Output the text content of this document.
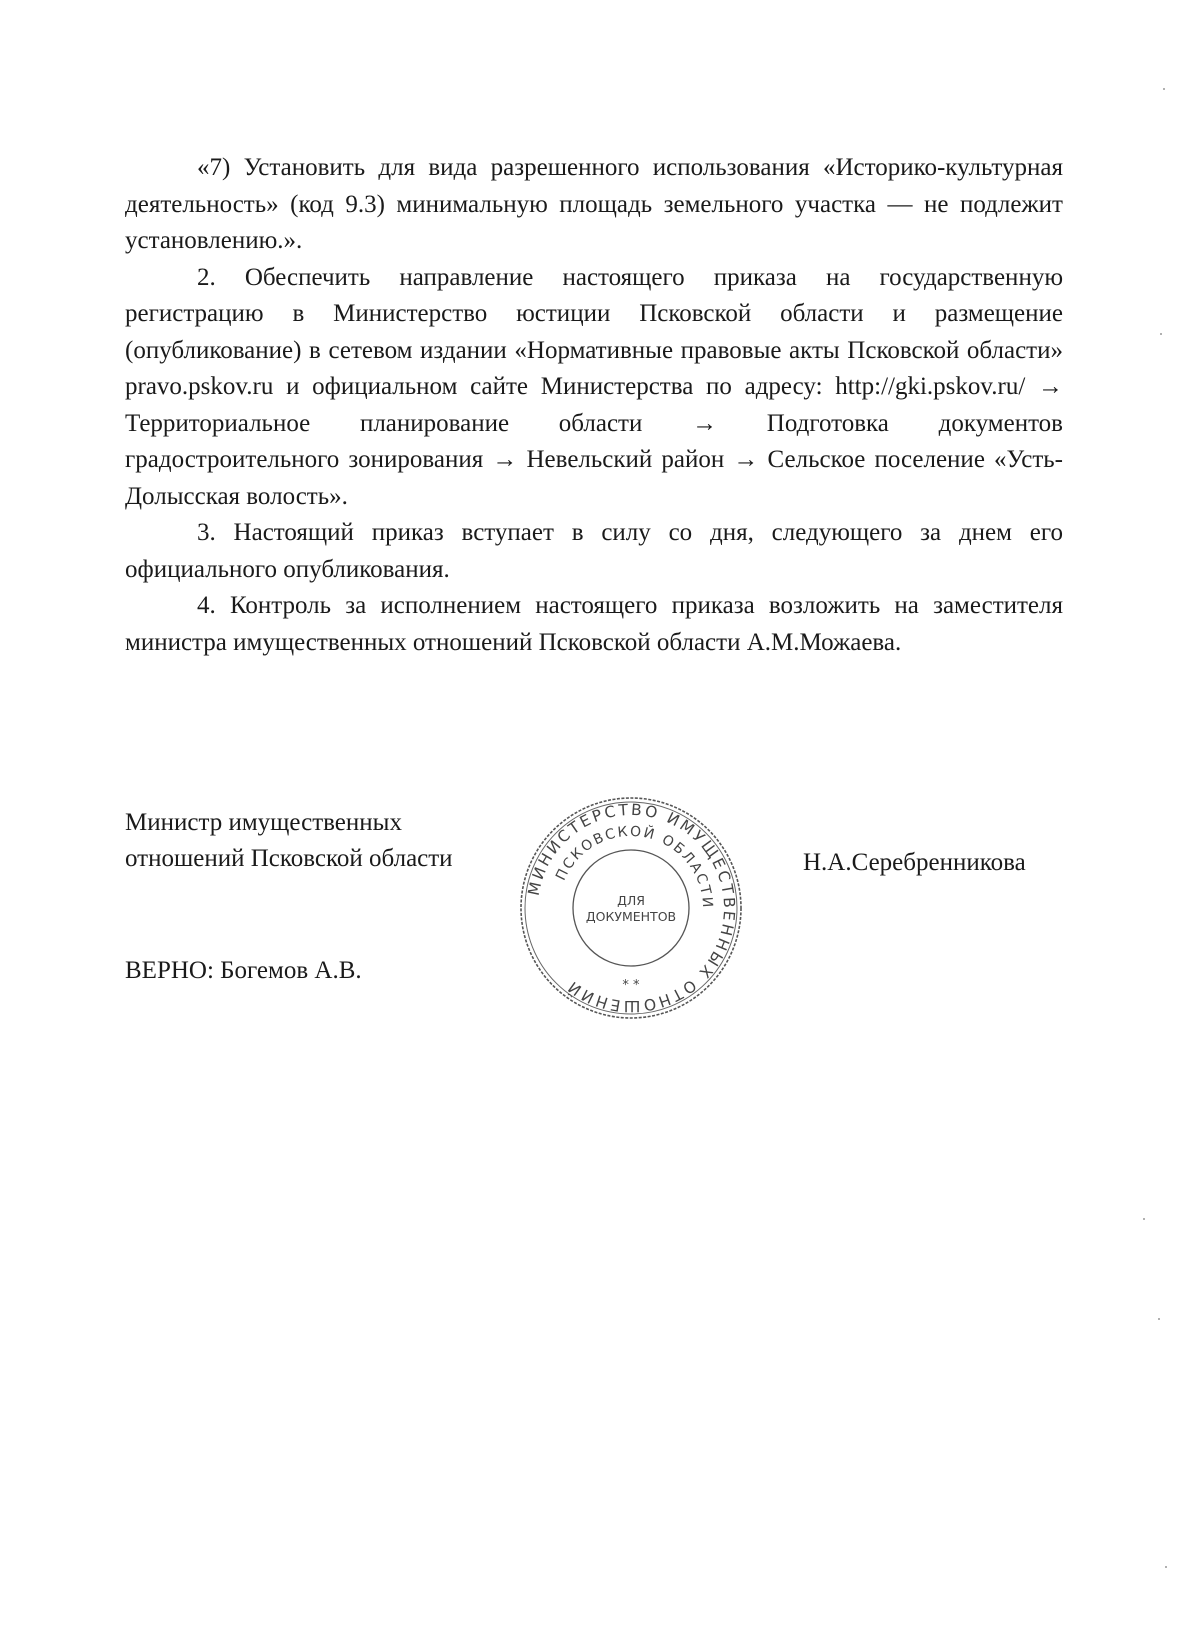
«7) Установить для вида разрешенного использования «Историко-культурная деятельность» (код 9.3) минимальную площадь земельного участка — не подлежит установлению.».

2. Обеспечить направление настоящего приказа на государственную регистрацию в Министерство юстиции Псковской области и размещение (опубликование) в сетевом издании «Нормативные правовые акты Псковской области» pravo.pskov.ru и официальном сайте Министерства по адресу: http://gki.pskov.ru/ → Территориальное планирование области → Подготовка документов градостроительного зонирования → Невельский район → Сельское поселение «Усть-Долысская волость».

3. Настоящий приказ вступает в силу со дня, следующего за днем его официального опубликования.

4. Контроль за исполнением настоящего приказа возложить на заместителя министра имущественных отношений Псковской области А.М.Можаева.

Министр имущественных
отношений Псковской области
МИНИСТЕРСТВО ИМУЩЕСТВЕННЫХ ОТНОШЕНИЙ
ПСКОВСКОЙ ОБЛАСТИ
ДЛЯ
ДОКУМЕНТОВ
* *
Н.А.Серебренникова
ВЕРНО: Богемов А.В.
